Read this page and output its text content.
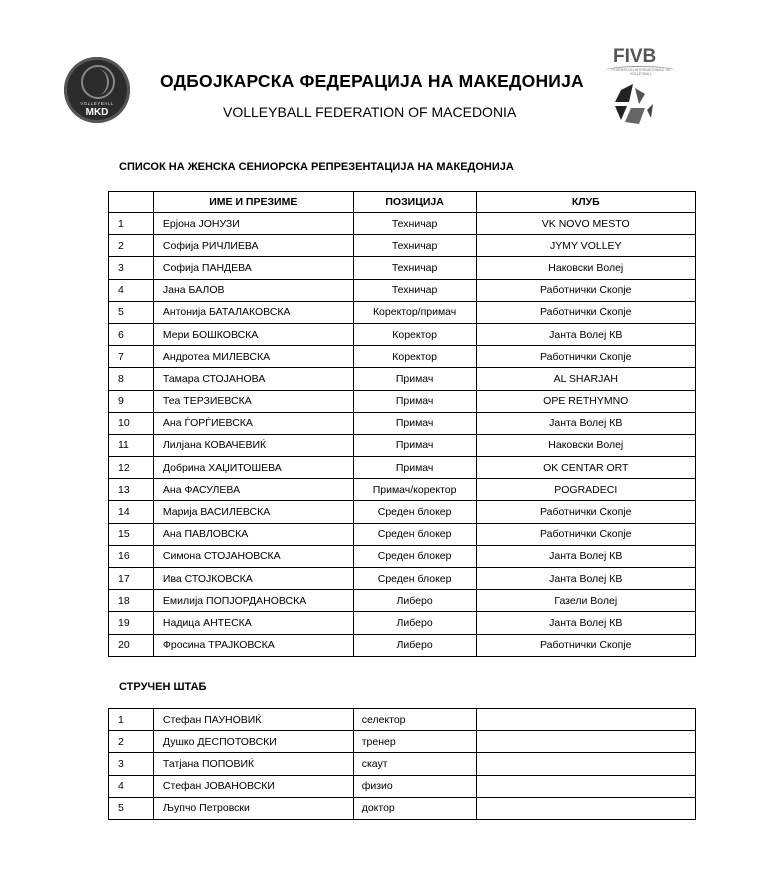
VOLLEYBALL
MKD
ОДБОЈКАРСКА ФЕДЕРАЦИЈА НА МАКЕДОНИЈА
VOLLEYBALL FEDERATION OF MACEDONIA
FIVB
FÉDÉRATION INTERNATIONALE DE VOLLEYBALL
СПИСОК НА ЖЕНСКА СЕНИОРСКА РЕПРЕЗЕНТАЦИЈА НА МАКЕДОНИЈА
	ИМЕ И ПРЕЗИМЕ	ПОЗИЦИЈА	КЛУБ
1	Ерјона ЈОНУЗИ	Техничар	VK NOVO MESTO
2	Софија РИЧЛИЕВА	Техничар	JYMY VOLLEY
3	Софија ПАНДЕВА	Техничар	Наковски Волеј
4	Јана БАЛОВ	Техничар	Работнички Скопје
5	Антонија БАТАЛАКОВСКА	Коректор/примач	Работнички Скопје
6	Мери БОШКОВСКА	Коректор	Јанта Волеј КВ
7	Андротеа МИЛЕВСКА	Коректор	Работнички Скопје
8	Тамара СТОЈАНОВА	Примач	AL SHARJAH
9	Теа ТЕРЗИЕВСКА	Примач	OPE RETHYMNO
10	Ана ЃОРЃИЕВСКА	Примач	Јанта Волеј КВ
11	Лилјана КОВАЧЕВИЌ	Примач	Наковски Волеј
12	Добрина ХАЏИТОШЕВА	Примач	OK CENTAR ORT
13	Ана ФАСУЛЕВА	Примач/коректор	POGRADECI
14	Марија ВАСИЛЕВСКА	Среден блокер	Работнички Скопје
15	Ана ПАВЛОВСКА	Среден блокер	Работнички Скопје
16	Симона СТОЈАНОВСКА	Среден блокер	Јанта Волеј КВ
17	Ива СТОЈКОВСКА	Среден блокер	Јанта Волеј КВ
18	Емилија ПОПЈОРДАНОВСКА	Либеро	Газели Волеј
19	Надица АНТЕСКА	Либеро	Јанта Волеј КВ
20	Фросина ТРАЈКОВСКА	Либеро	Работнички Скопје
СТРУЧЕН ШТАБ
1	Стефан ПАУНОВИЌ	селектор	
2	Душко ДЕСПОТОВСКИ	тренер	
3	Татјана ПОПОВИЌ	скаут	
4	Стефан ЈОВАНОВСКИ	физио	
5	Љупчо Петровски	доктор	
